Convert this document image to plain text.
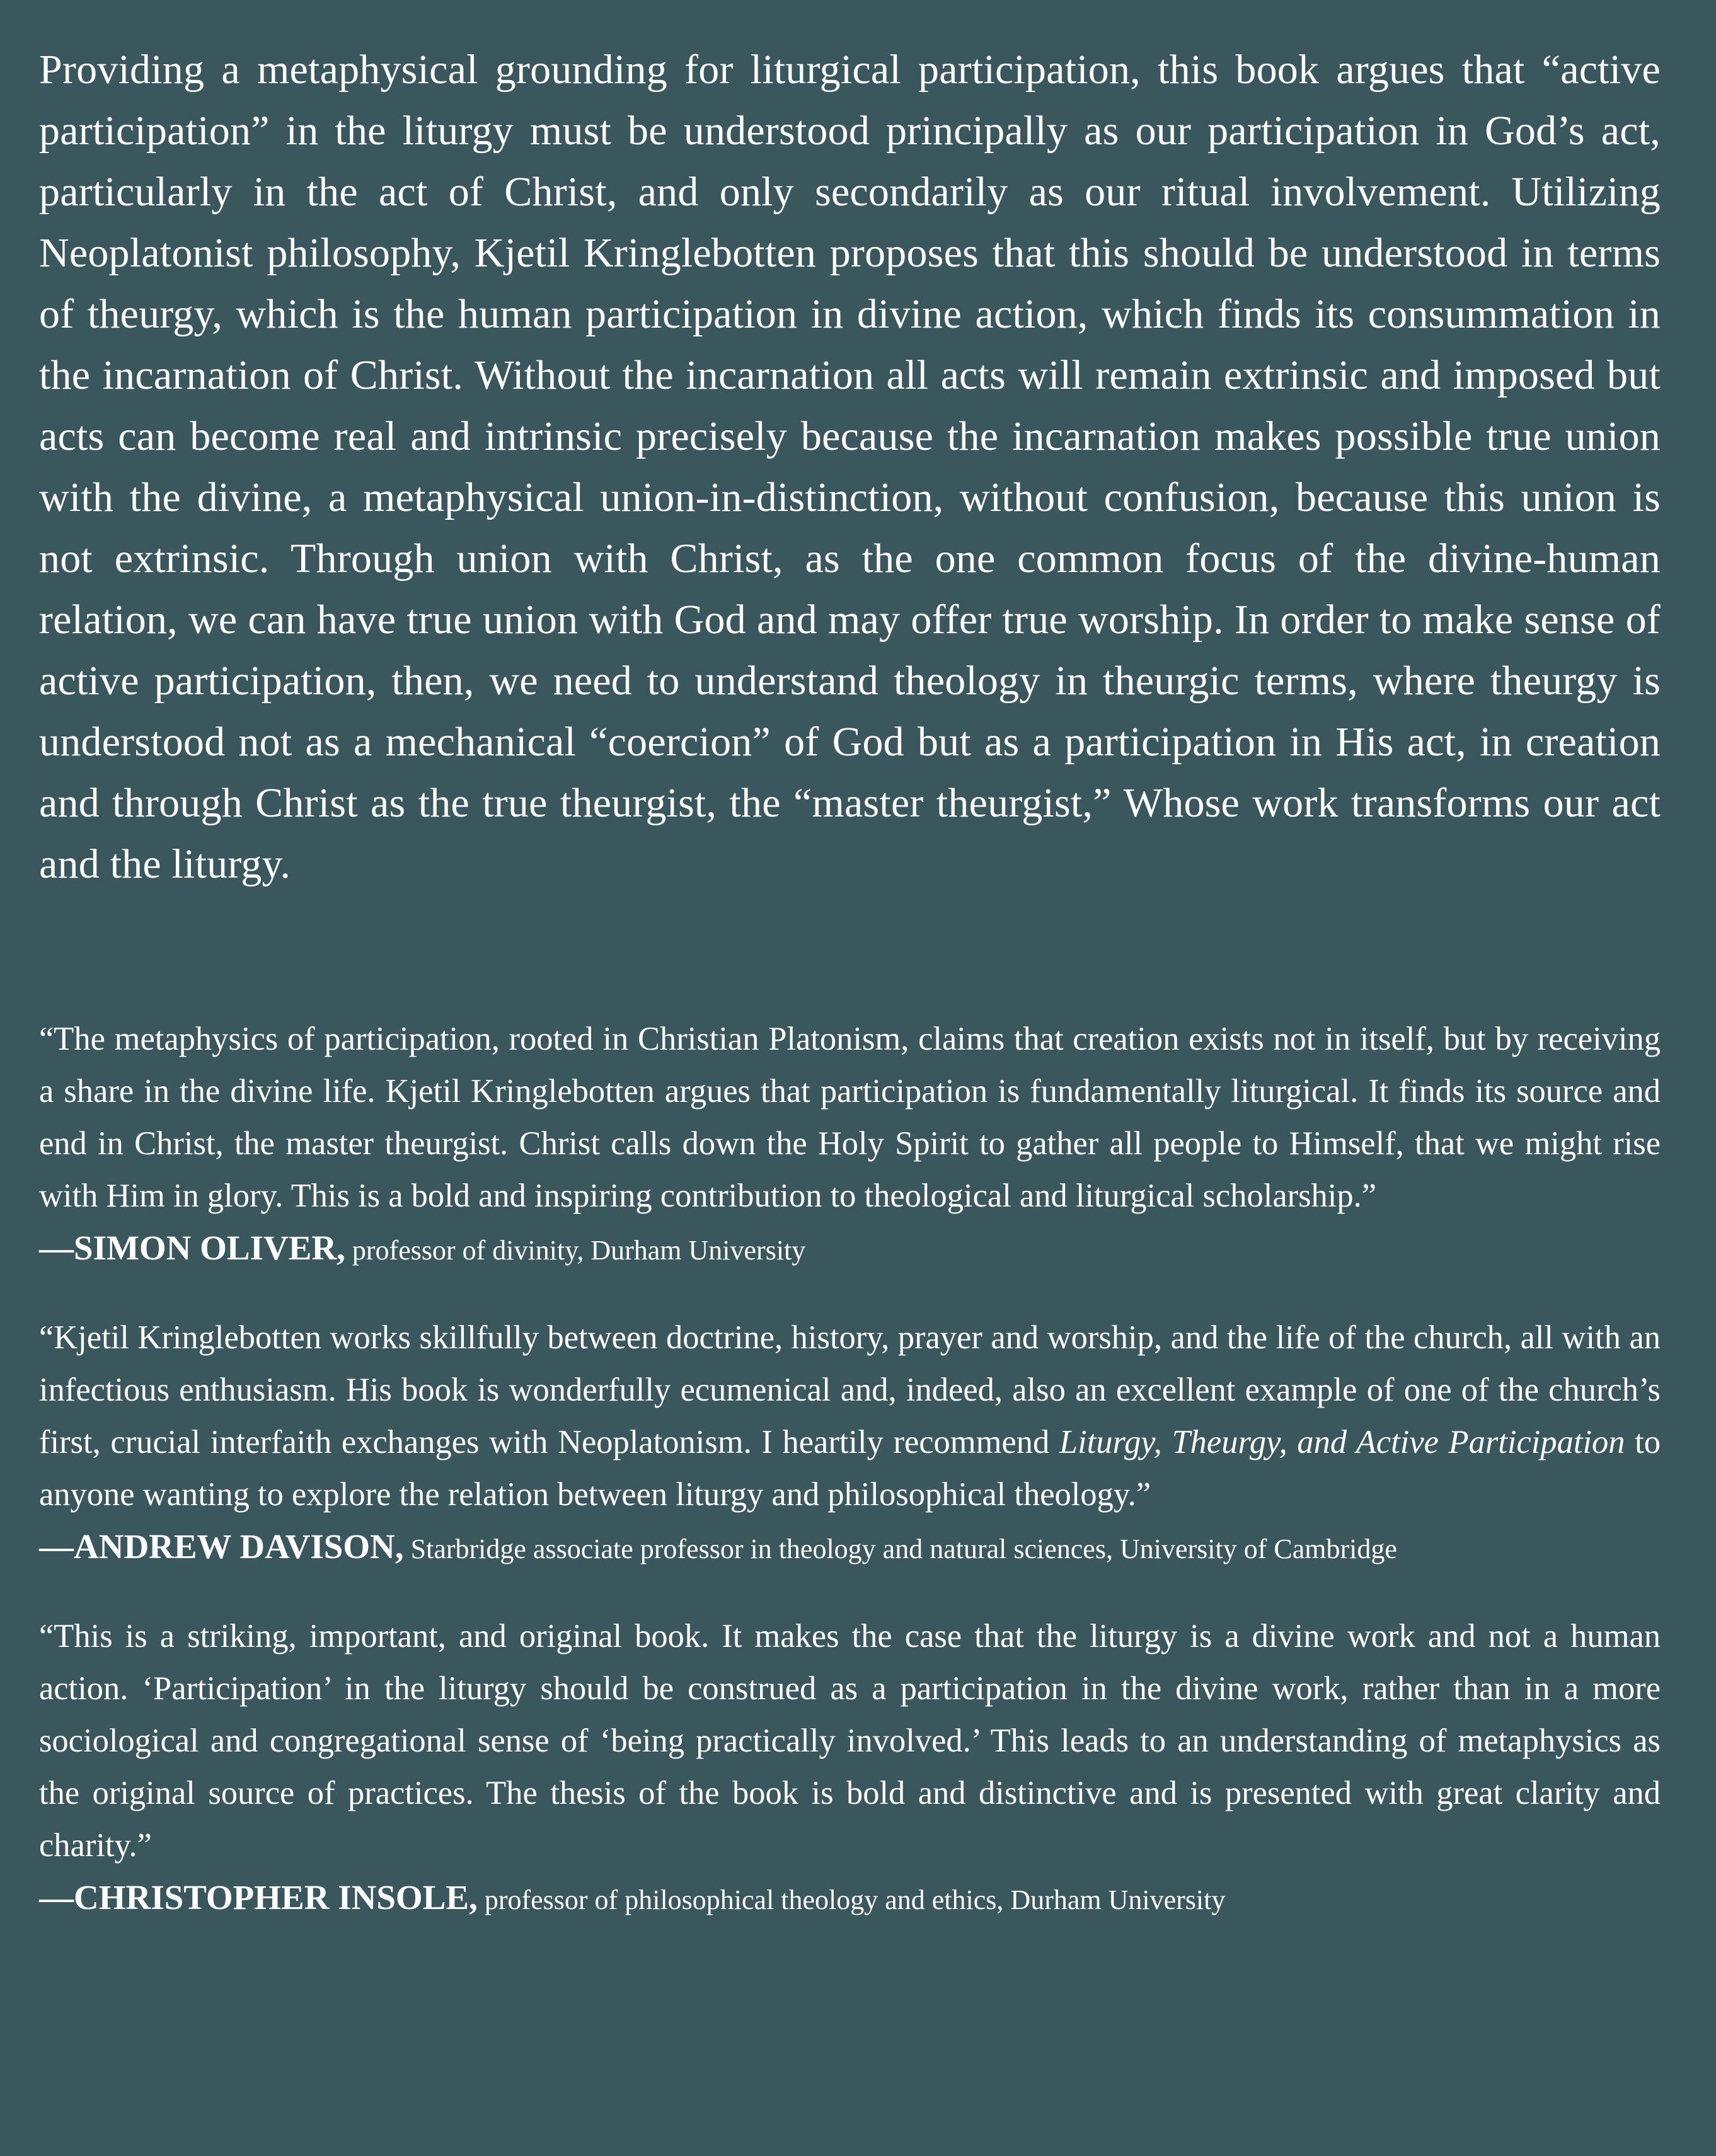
Providing a metaphysical grounding for liturgical participation, this book argues that “active participation” in the liturgy must be understood principally as our participation in God’s act, particularly in the act of Christ, and only secondarily as our ritual involvement. Utilizing Neoplatonist philosophy, Kjetil Kringlebotten proposes that this should be understood in terms of theurgy, which is the human participation in divine action, which finds its consummation in the incarnation of Christ. Without the incarnation all acts will remain extrinsic and imposed but acts can become real and intrinsic precisely because the incarnation makes possible true union with the divine, a metaphysical union-in-distinction, without confusion, because this union is not extrinsic. Through union with Christ, as the one common focus of the divine-human relation, we can have true union with God and may offer true worship. In order to make sense of active participation, then, we need to understand theology in theurgic terms, where theurgy is understood not as a mechanical “coercion” of God but as a participation in His act, in creation and through Christ as the true theurgist, the “master theurgist,” Whose work transforms our act and the liturgy.

“The metaphysics of participation, rooted in Christian Platonism, claims that creation exists not in itself, but by receiving a share in the divine life. Kjetil Kringlebotten argues that participation is fundamentally liturgical. It finds its source and end in Christ, the master theurgist. Christ calls down the Holy Spirit to gather all people to Himself, that we might rise with Him in glory. This is a bold and inspiring contribution to theological and liturgical scholarship.”

—SIMON OLIVER, professor of divinity, Durham University

“Kjetil Kringlebotten works skillfully between doctrine, history, prayer and worship, and the life of the church, all with an infectious enthusiasm. His book is wonderfully ecumenical and, indeed, also an excellent example of one of the church’s first, crucial interfaith exchanges with Neoplatonism. I heartily recommend Liturgy, Theurgy, and Active Participation to anyone wanting to explore the relation between liturgy and philosophical theology.”

—ANDREW DAVISON, Starbridge associate professor in theology and natural sciences, University of Cambridge

“This is a striking, important, and original book. It makes the case that the liturgy is a divine work and not a human action. ‘Participation’ in the liturgy should be construed as a participation in the divine work, rather than in a more sociological and congregational sense of ‘being practically involved.’ This leads to an understanding of metaphysics as the original source of practices. The thesis of the book is bold and distinctive and is presented with great clarity and charity.”

—CHRISTOPHER INSOLE, professor of philosophical theology and ethics, Durham University
